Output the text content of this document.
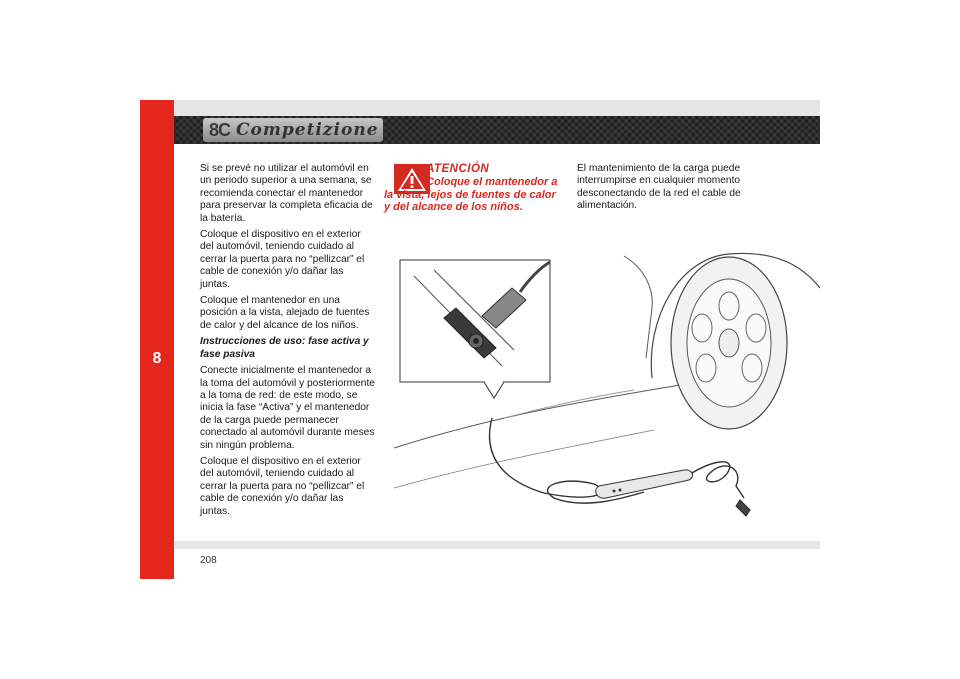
8
8C Competizione

Si se prevé no utilizar el automóvil en un periodo superior a una semana, se recomienda conectar el mantenedor para preservar la completa eficacia de la batería.

Coloque el dispositivo en el exterior del automóvil, teniendo cuidado al cerrar la puerta para no “pellizcar” el cable de conexión y/o dañar las juntas.

Coloque el mantenedor en una posición a la vista, alejado de fuentes de calor y del alcance de los niños.

Instrucciones de uso: fase activa y fase pasiva

Conecte inicialmente el mantenedor a la toma del automóvil y posteriormente a la toma de red: de este modo, se inicia la fase “Activa” y el mantenedor de la carga puede permanecer conectado al automóvil durante meses sin ningún problema.

Coloque el dispositivo en el exterior del automóvil, teniendo cuidado al cerrar la puerta para no “pellizcar” el cable de conexión y/o dañar las juntas.

ATENCIÓN
Coloque el mantenedor a la vista, lejos de fuentes de calor y del alcance de los niños.

El mantenimiento de la carga puede interrumpirse en cualquier momento desconectando de la red el cable de alimentación.

208
